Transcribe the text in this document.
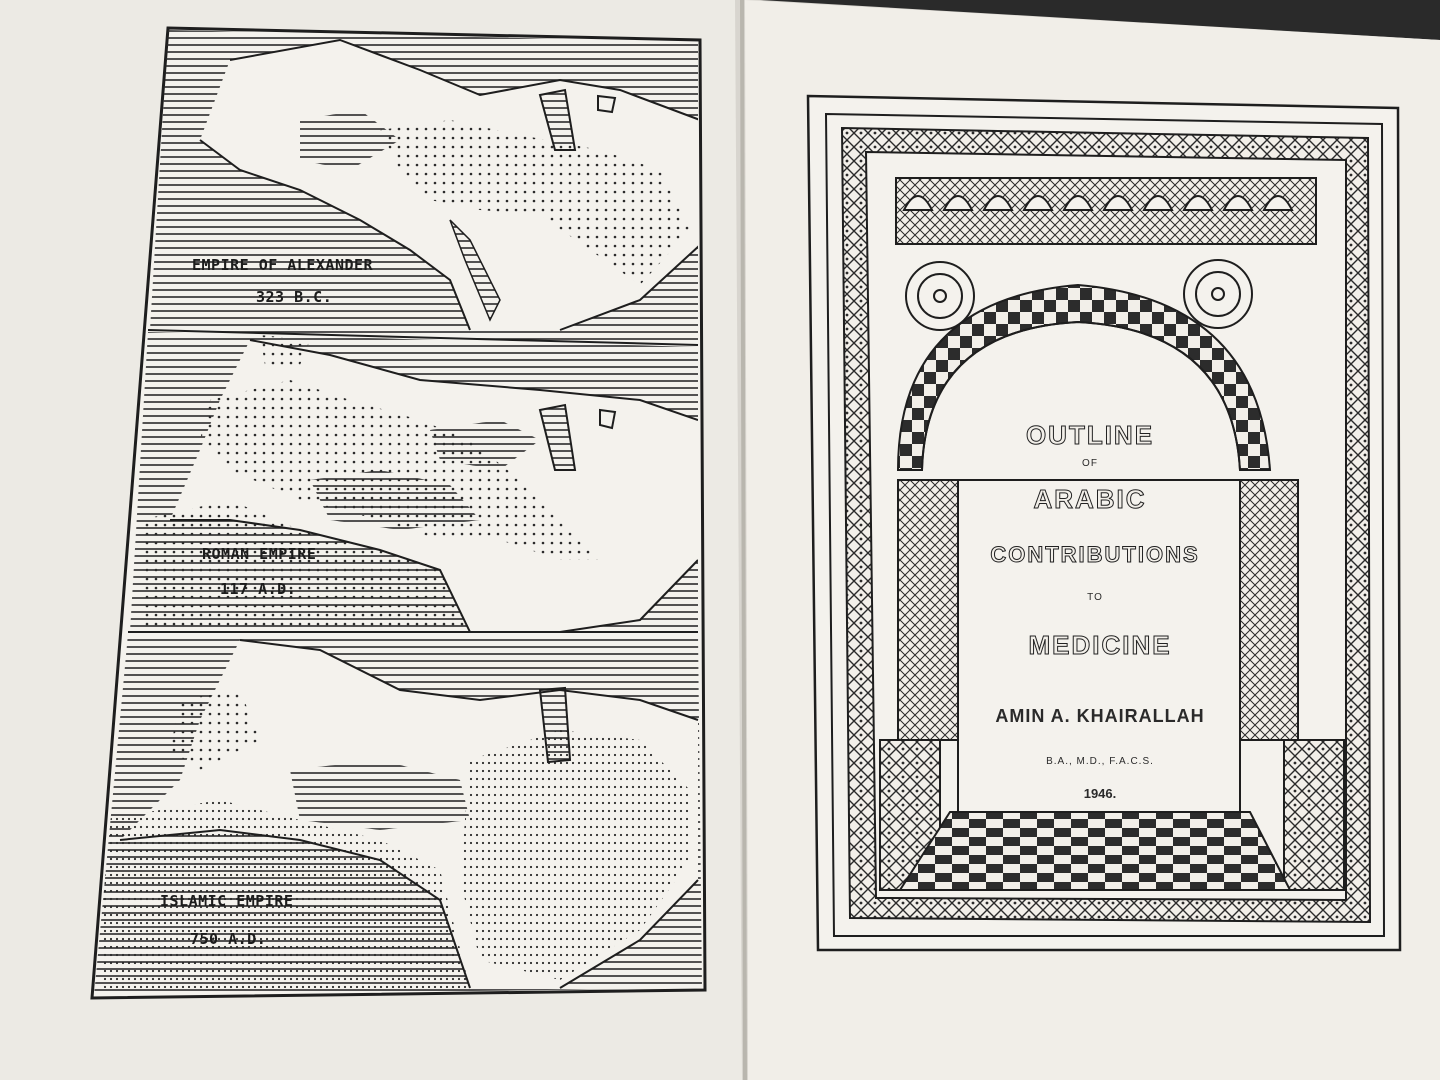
EMPIRE OF ALEXANDER
323 B.C.
ROMAN EMPIRE
117 A.D.
ISLAMIC EMPIRE
750 A.D.
OUTLINE
OF
ARABIC
CONTRIBUTIONS
TO
MEDICINE
AMIN A. KHAIRALLAH
B.A., M.D., F.A.C.S.
1946.
